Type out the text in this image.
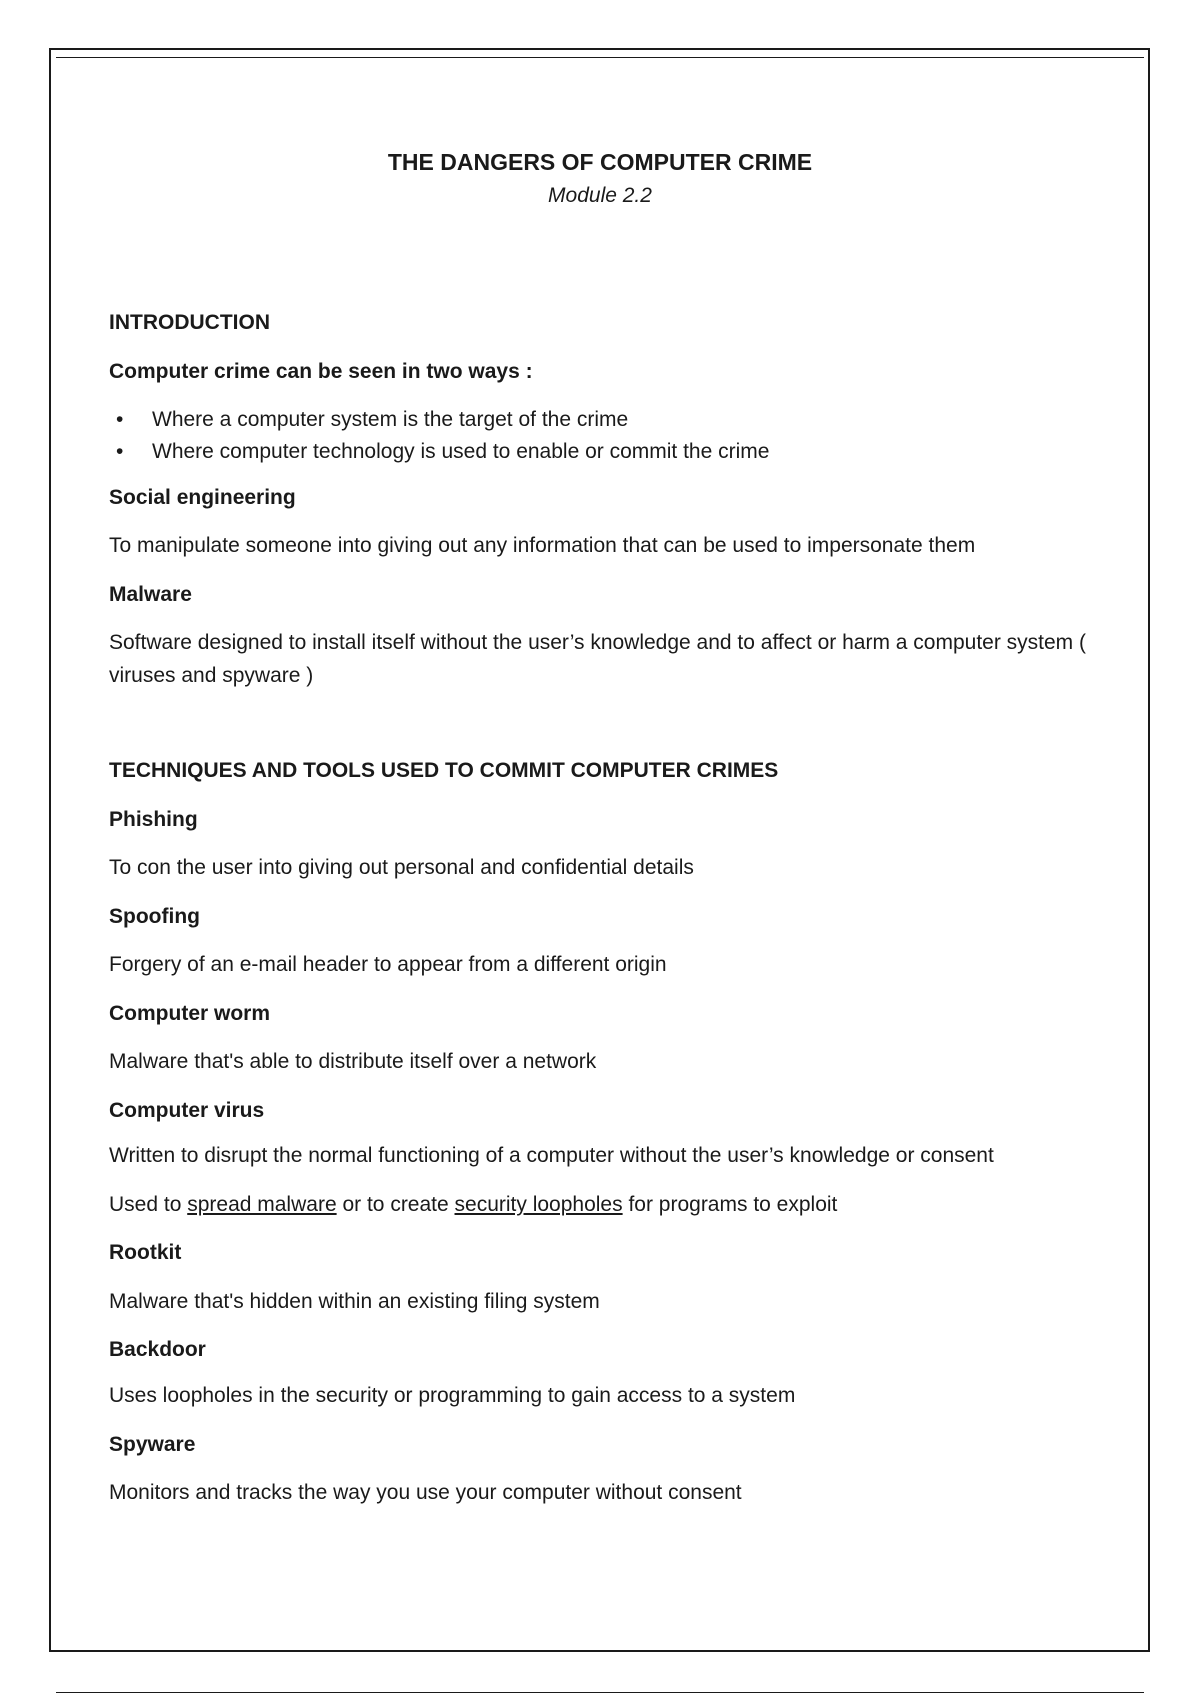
THE DANGERS OF COMPUTER CRIME

Module 2.2

INTRODUCTION

Computer crime can be seen in two ways :

• Where a computer system is the target of the crime
• Where computer technology is used to enable or commit the crime

Social engineering

To manipulate someone into giving out any information that can be used to impersonate them

Malware

Software designed to install itself without the user’s knowledge and to affect or harm a computer system ( viruses and spyware )

TECHNIQUES AND TOOLS USED TO COMMIT COMPUTER CRIMES

Phishing

To con the user into giving out personal and confidential details

Spoofing

Forgery of an e-mail header to appear from a different origin

Computer worm

Malware that's able to distribute itself over a network

Computer virus

Written to disrupt the normal functioning of a computer without the user’s knowledge or consent

Used to spread malware or to create security loopholes for programs to exploit

Rootkit

Malware that's hidden within an existing filing system

Backdoor

Uses loopholes in the security or programming to gain access to a system

Spyware

Monitors and tracks the way you use your computer without consent
